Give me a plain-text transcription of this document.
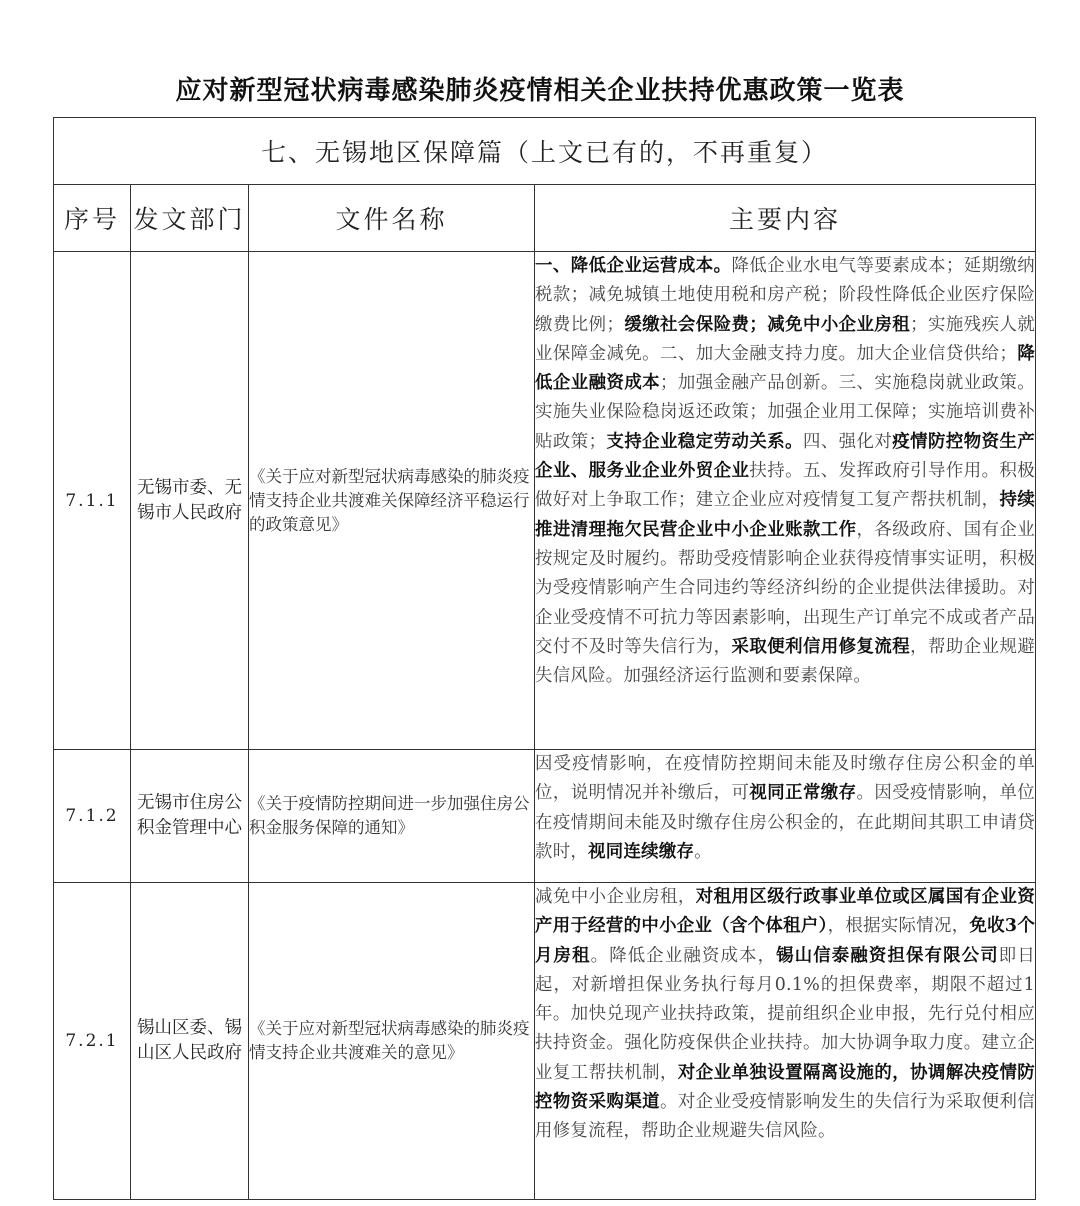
应对新型冠状病毒感染肺炎疫情相关企业扶持优惠政策一览表
七、无锡地区保障篇（上文已有的，不再重复）			
序号	发文部门	文件名称	主要内容
7.1.1	无锡市委、无锡市人民政府	《关于应对新型冠状病毒感染的肺炎疫情支持企业共渡难关保障经济平稳运行的政策意见》	一、降低企业运营成本。降低企业水电气等要素成本；延期缴纳税款；减免城镇土地使用税和房产税；阶段性降低企业医疗保险缴费比例；缓缴社会保险费；减免中小企业房租；实施残疾人就业保障金减免。二、加大金融支持力度。加大企业信贷供给；降低企业融资成本；加强金融产品创新。三、实施稳岗就业政策。实施失业保险稳岗返还政策；加强企业用工保障；实施培训费补贴政策；支持企业稳定劳动关系。四、强化对疫情防控物资生产企业、服务业企业外贸企业扶持。五、发挥政府引导作用。积极做好对上争取工作；建立企业应对疫情复工复产帮扶机制，持续推进清理拖欠民营企业中小企业账款工作，各级政府、国有企业按规定及时履约。帮助受疫情影响企业获得疫情事实证明，积极为受疫情影响产生合同违约等经济纠纷的企业提供法律援助。对企业受疫情不可抗力等因素影响，出现生产订单完不成或者产品交付不及时等失信行为，采取便利信用修复流程，帮助企业规避失信风险。加强经济运行监测和要素保障。
7.1.2	无锡市住房公积金管理中心	《关于疫情防控期间进一步加强住房公积金服务保障的通知》	因受疫情影响，在疫情防控期间未能及时缴存住房公积金的单位，说明情况并补缴后，可视同正常缴存。因受疫情影响，单位在疫情期间未能及时缴存住房公积金的，在此期间其职工申请贷款时，视同连续缴存。
7.2.1	锡山区委、锡山区人民政府	《关于应对新型冠状病毒感染的肺炎疫情支持企业共渡难关的意见》	减免中小企业房租，对租用区级行政事业单位或区属国有企业资产用于经营的中小企业（含个体租户），根据实际情况，免收3个月房租。降低企业融资成本，锡山信泰融资担保有限公司即日起，对新增担保业务执行每月0.1%的担保费率，期限不超过1年。加快兑现产业扶持政策，提前组织企业申报，先行兑付相应扶持资金。强化防疫保供企业扶持。加大协调争取力度。建立企业复工帮扶机制，对企业单独设置隔离设施的，协调解决疫情防控物资采购渠道。对企业受疫情影响发生的失信行为采取便利信用修复流程，帮助企业规避失信风险。
